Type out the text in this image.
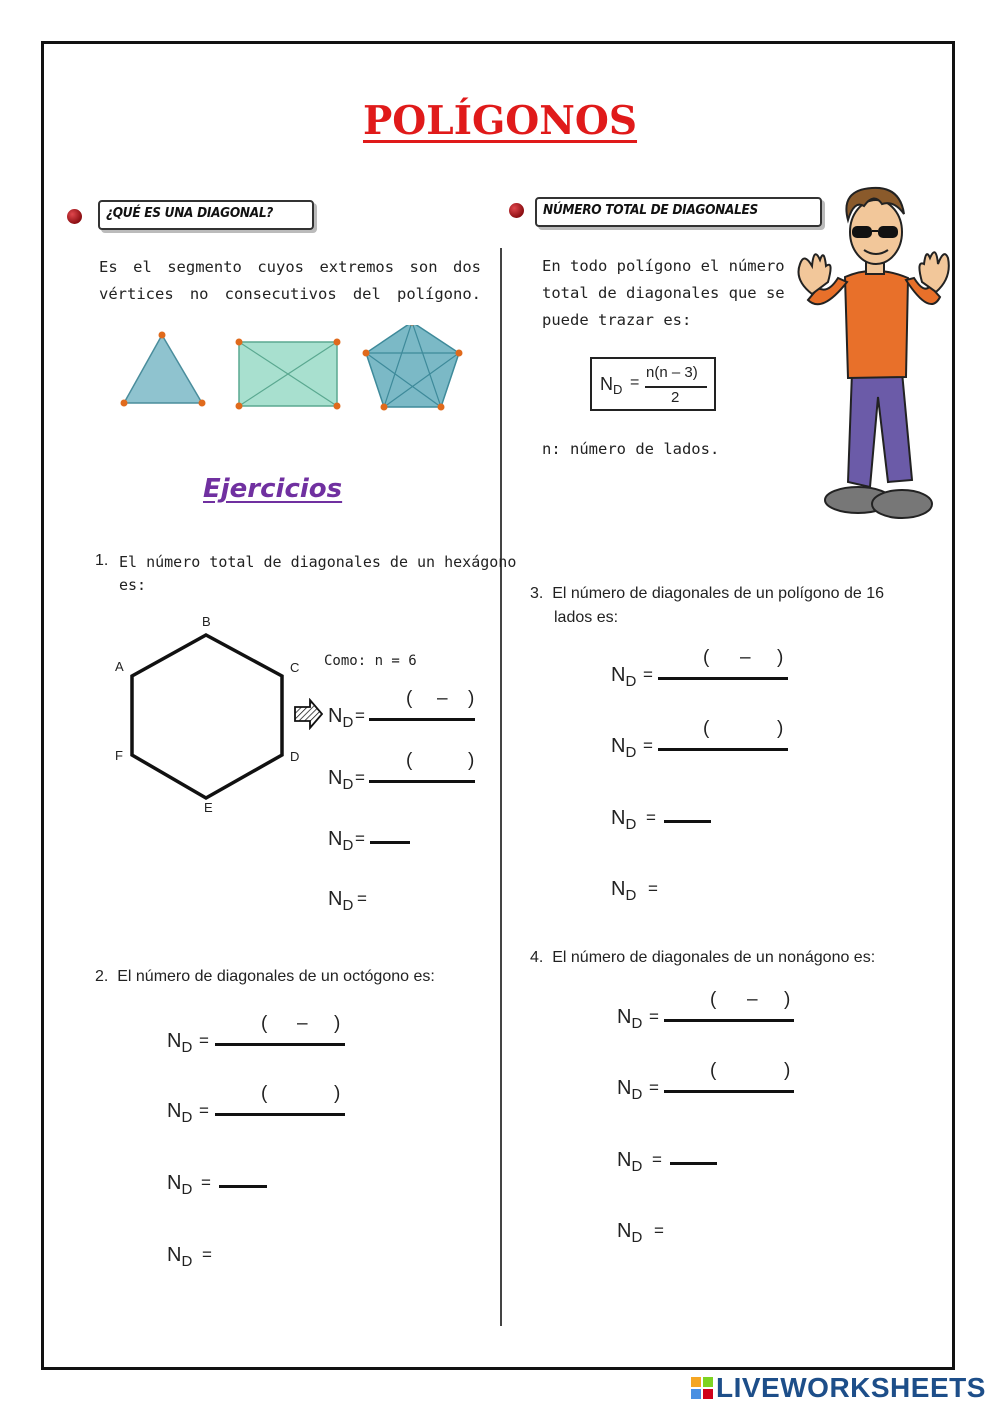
POLÍGONOS
¿QUÉ ES UNA DIAGONAL?
Es el segmento cuyos extremos son dos vértices no consecutivos del polígono.
Ejercicios
1. El número total de diagonales de un hexágono
es:
B
A	C
F	D
E
Como: n = 6
$N_D$ =
( – )
$N_D$ =
(	)
$N_D$ =
$N_D$ =
2. El número de diagonales de un octógono es:
$N_D$ =
( – )
$N_D$ =
(	)
$N_D$ =
$N_D$ =
NÚMERO TOTAL DE DIAGONALES
En todo polígono el número
total de diagonales que se
puede trazar es:
$N_D$ =
n(n – 3)
2
n: número de lados.
3. El número de diagonales de un polígono de 16
lados es:
$N_D$ =
( – )
$N_D$ =
(	)
$N_D$ =
$N_D$ =
4. El número de diagonales de un nonágono es:
$N_D$ =
( – )
$N_D$ =
(	)
$N_D$ =
$N_D$ =
LIVEWORKSHEETS
